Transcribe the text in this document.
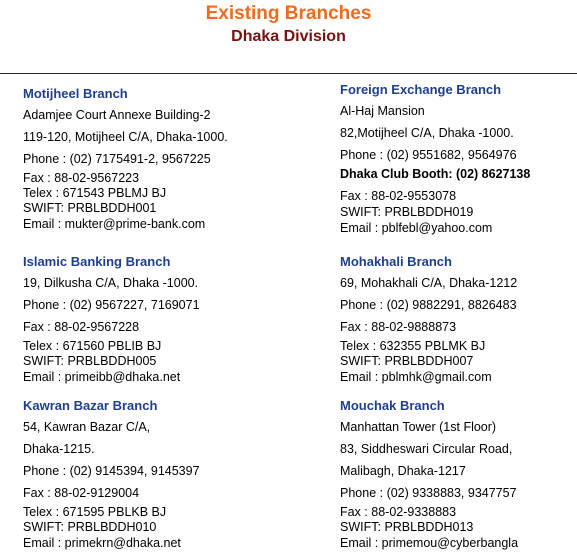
Existing Branches
Dhaka Division
Motijheel Branch
Adamjee Court Annexe Building-2
119-120, Motijheel C/A, Dhaka-1000.
Phone : (02) 7175491-2, 9567225
Fax : 88-02-9567223
Telex : 671543 PBLMJ BJ
SWIFT: PRBLBDDH001
Email : mukter@prime-bank.com
Foreign Exchange Branch
Al-Haj Mansion
82,Motijheel C/A, Dhaka -1000.
Phone : (02) 9551682, 9564976
Dhaka Club Booth: (02) 8627138
Fax : 88-02-9553078
SWIFT: PRBLBDDH019
Email : pblfebl@yahoo.com
Islamic Banking Branch
19, Dilkusha C/A, Dhaka -1000.
Phone : (02) 9567227, 7169071
Fax : 88-02-9567228
Telex : 671560 PBLIB BJ
SWIFT: PRBLBDDH005
Email : primeibb@dhaka.net
Mohakhali Branch
69, Mohakhali C/A, Dhaka-1212
Phone : (02) 9882291, 8826483
Fax : 88-02-9888873
Telex : 632355 PBLMK BJ
SWIFT: PRBLBDDH007
Email : pblmhk@gmail.com
Kawran Bazar Branch
54, Kawran Bazar C/A,
Dhaka-1215.
Phone : (02) 9145394, 9145397
Fax : 88-02-9129004
Telex : 671595 PBLKB BJ
SWIFT: PRBLBDDH010
Email : primekrn@dhaka.net
Mouchak Branch
Manhattan Tower (1st Floor)
83, Siddheswari Circular Road,
Malibagh, Dhaka-1217
Phone : (02) 9338883, 9347757
Fax : 88-02-9338883
SWIFT: PRBLBDDH013
Email : primemou@cyberbangla
